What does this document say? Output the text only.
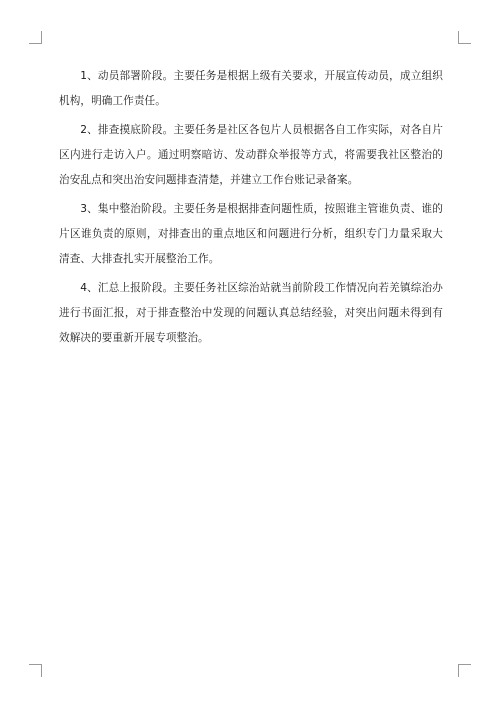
1、动员部署阶段。主要任务是根据上级有关要求，开展宣传动员，成立组织机构，明确工作责任。

2、排查摸底阶段。主要任务是社区各包片人员根据各自工作实际，对各自片区内进行走访入户。通过明察暗访、发动群众举报等方式，将需要我社区整治的治安乱点和突出治安问题排查清楚，并建立工作台账记录备案。

3、集中整治阶段。主要任务是根据排查问题性质，按照谁主管谁负责、谁的片区谁负责的原则，对排查出的重点地区和问题进行分析，组织专门力量采取大清查、大排查扎实开展整治工作。

4、汇总上报阶段。主要任务社区综治站就当前阶段工作情况向若羌镇综治办进行书面汇报，对于排查整治中发现的问题认真总结经验，对突出问题未得到有效解决的要重新开展专项整治。
